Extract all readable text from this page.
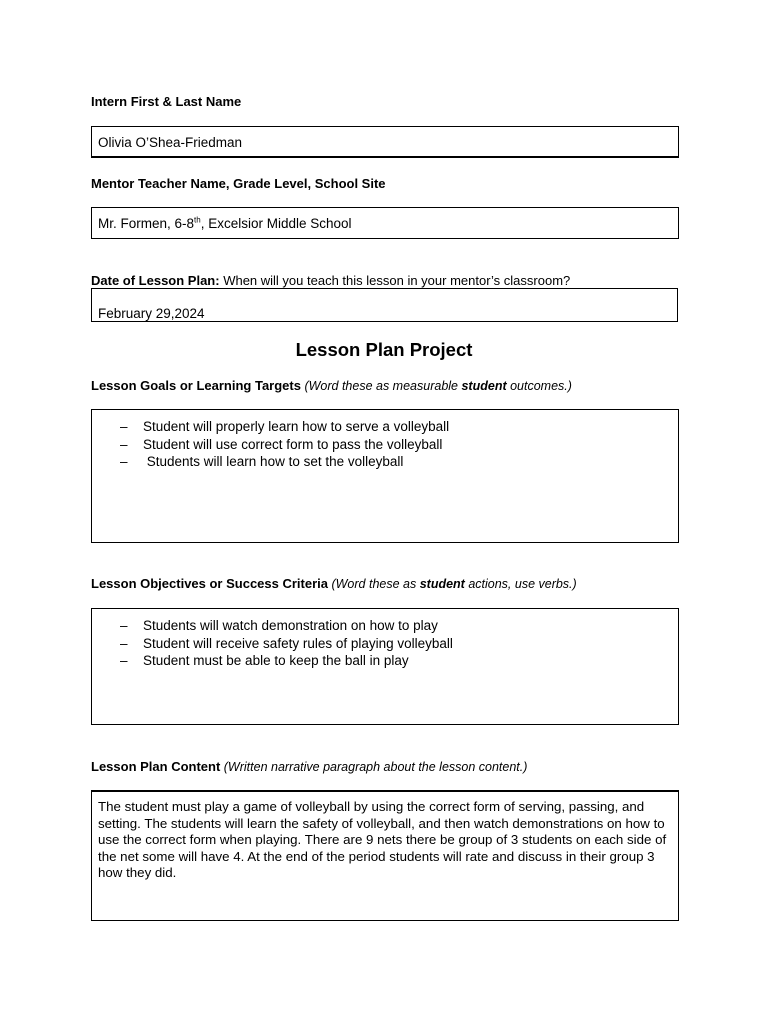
Intern First & Last Name
Olivia O’Shea-Friedman
Mentor Teacher Name, Grade Level, School Site
Mr. Formen, 6-8th, Excelsior Middle School
Date of Lesson Plan: When will you teach this lesson in your mentor’s classroom?
February 29,2024
Lesson Plan Project
Lesson Goals or Learning Targets (Word these as measurable student outcomes.)
– Student will properly learn how to serve a volleyball
– Student will use correct form to pass the volleyball
– Students will learn how to set the volleyball
Lesson Objectives or Success Criteria (Word these as student actions, use verbs.)
– Students will watch demonstration on how to play
– Student will receive safety rules of playing volleyball
– Student must be able to keep the ball in play
Lesson Plan Content (Written narrative paragraph about the lesson content.)

The student must play a game of volleyball by using the correct form of serving, passing, and setting. The students will learn the safety of volleyball, and then watch demonstrations on how to use the correct form when playing. There are 9 nets there be group of 3 students on each side of the net some will have 4. At the end of the period students will rate and discuss in their group 3 how they did.
